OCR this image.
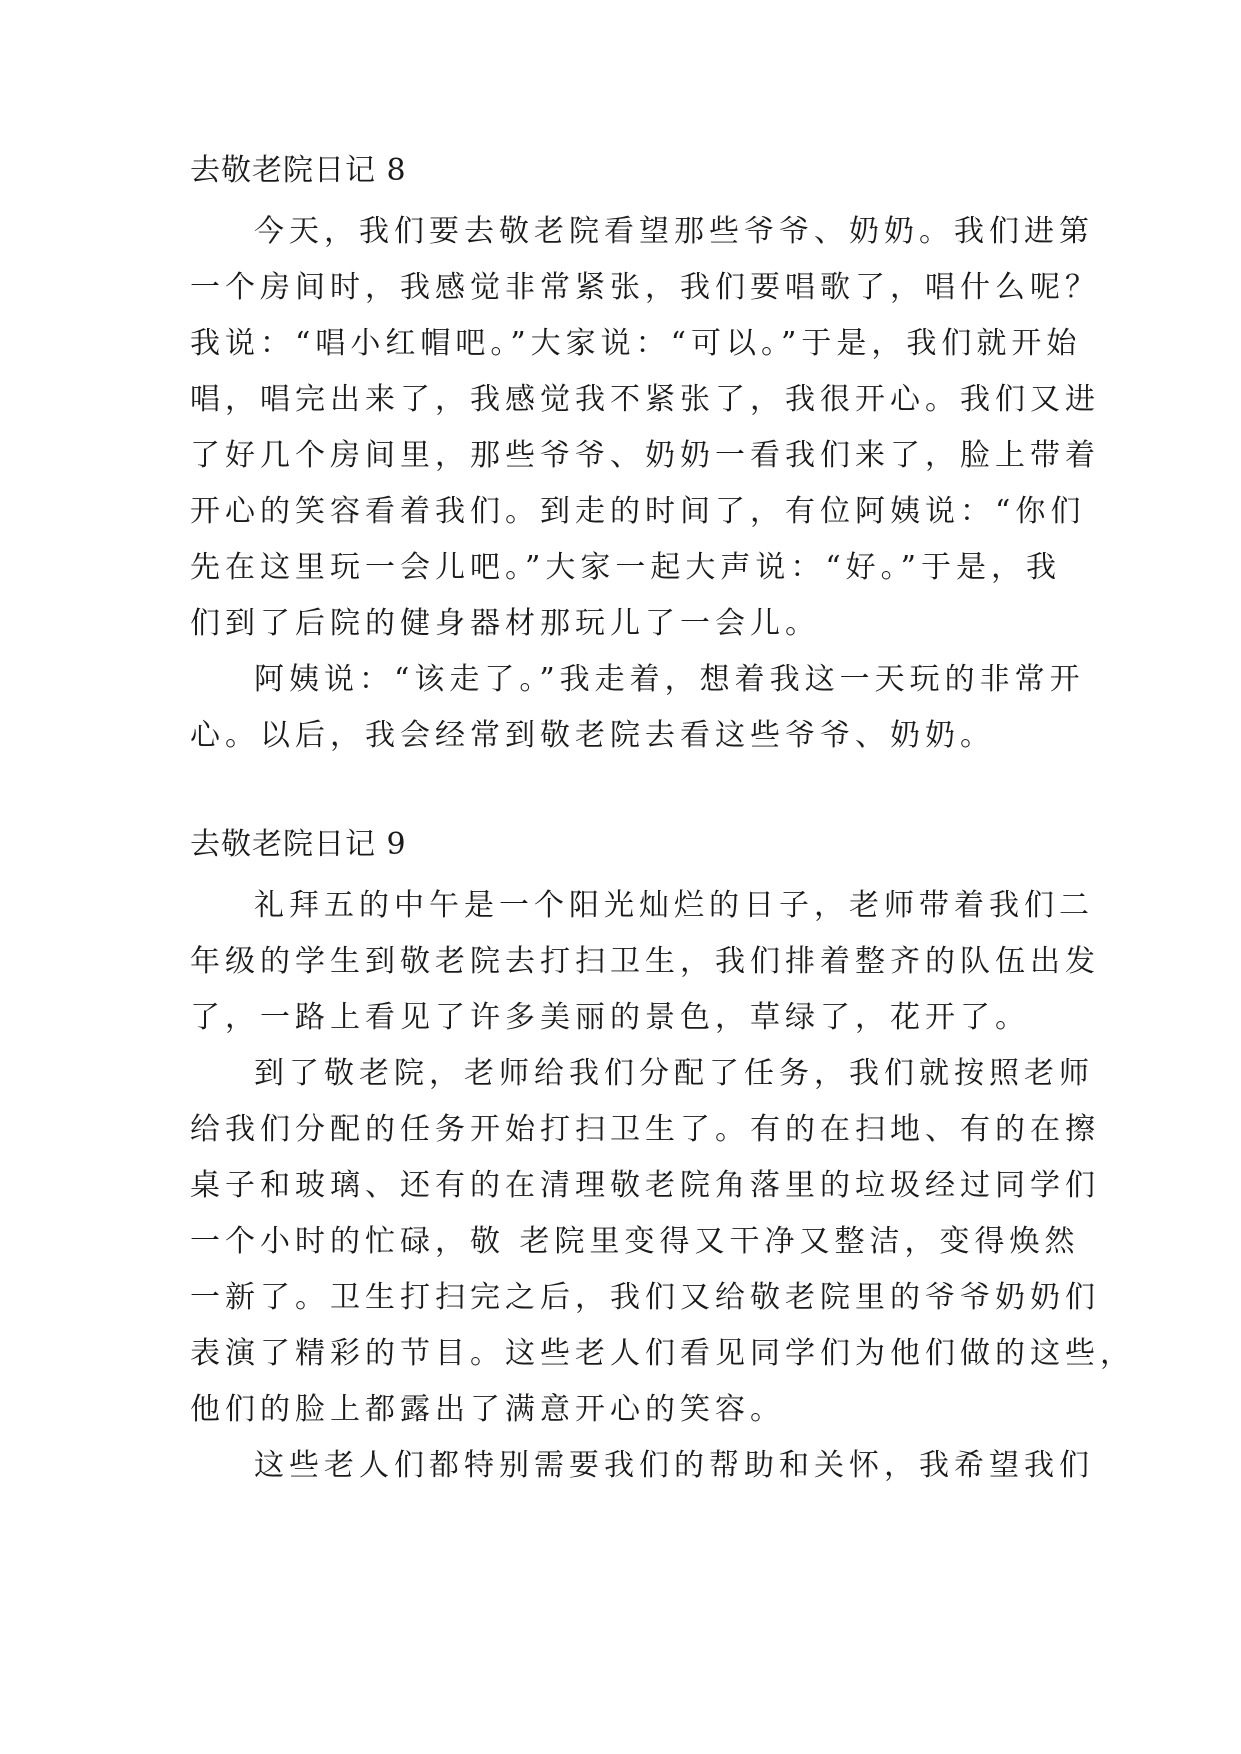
去敬老院日记 8
今天，我们要去敬老院看望那些爷爷、奶奶。我们进第
一个房间时，我感觉非常紧张，我们要唱歌了，唱什么呢？
我说：“唱小红帽吧。”大家说：“可以。”于是，我们就开始
唱，唱完出来了，我感觉我不紧张了，我很开心。我们又进
了好几个房间里，那些爷爷、奶奶一看我们来了，脸上带着
开心的笑容看着我们。到走的时间了，有位阿姨说：“你们
先在这里玩一会儿吧。”大家一起大声说：“好。”于是，我
们到了后院的健身器材那玩儿了一会儿。
阿姨说：“该走了。”我走着，想着我这一天玩的非常开
心。以后，我会经常到敬老院去看这些爷爷、奶奶。
去敬老院日记 9
礼拜五的中午是一个阳光灿烂的日子，老师带着我们二
年级的学生到敬老院去打扫卫生，我们排着整齐的队伍出发
了，一路上看见了许多美丽的景色，草绿了，花开了。
到了敬老院，老师给我们分配了任务，我们就按照老师
给我们分配的任务开始打扫卫生了。有的在扫地、有的在擦
桌子和玻璃、还有的在清理敬老院角落里的垃圾经过同学们
一个小时的忙碌，敬 老院里变得又干净又整洁，变得焕然
一新了。卫生打扫完之后，我们又给敬老院里的爷爷奶奶们
表演了精彩的节目。这些老人们看见同学们为他们做的这些，
他们的脸上都露出了满意开心的笑容。
这些老人们都特别需要我们的帮助和关怀，我希望我们
